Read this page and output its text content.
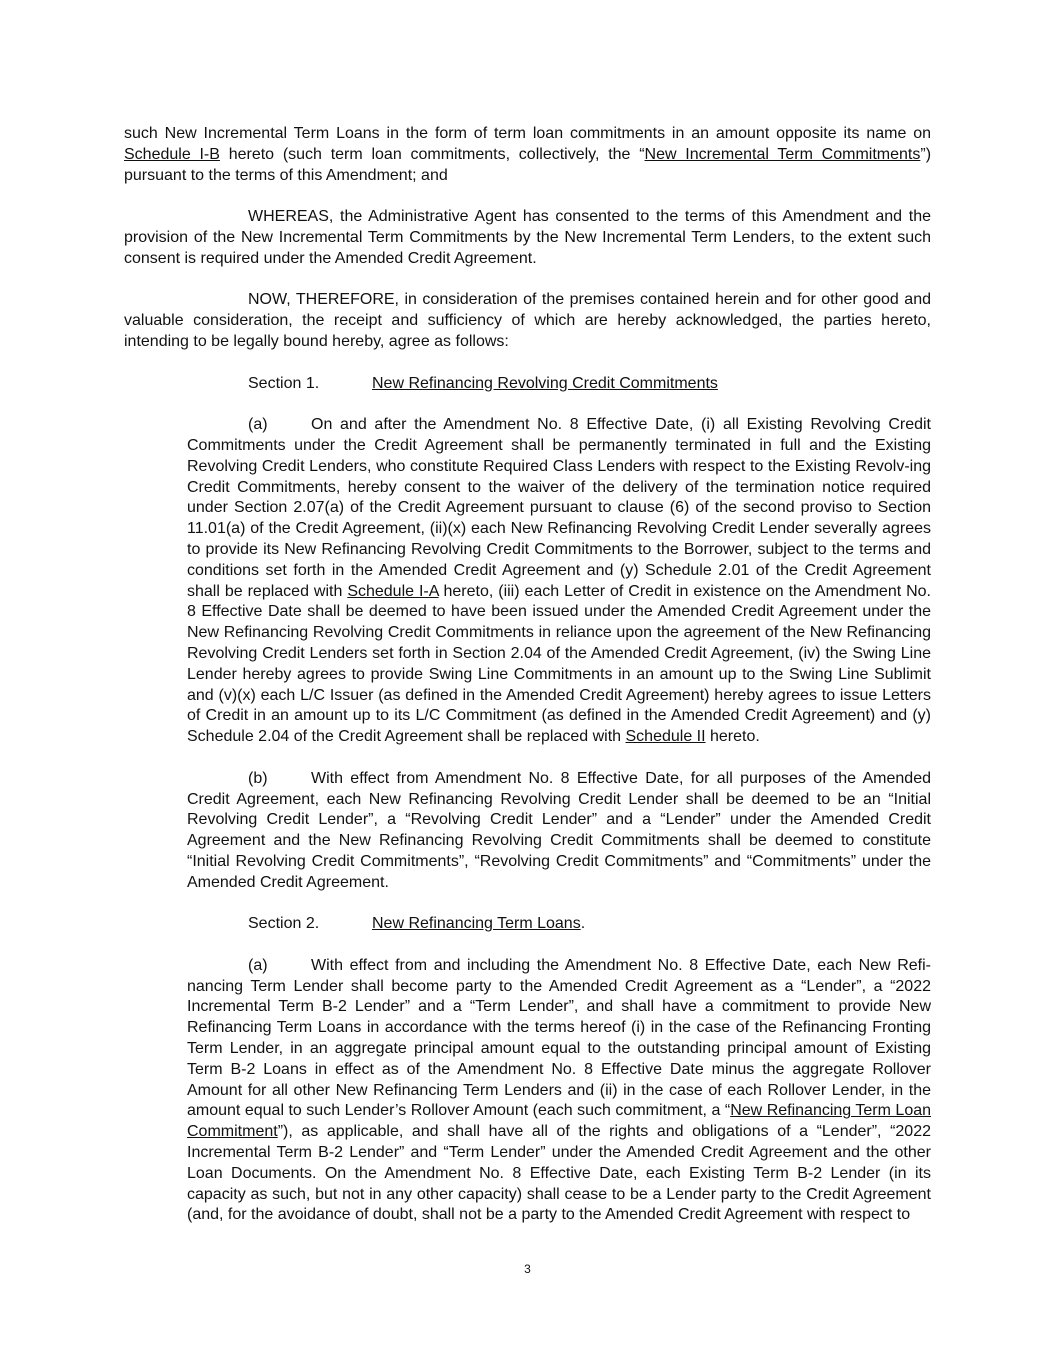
such New Incremental Term Loans in the form of term loan commitments in an amount opposite its name on Schedule I-B hereto (such term loan commitments, collectively, the “New Incremental Term Commitments”) pursuant to the terms of this Amendment; and

WHEREAS, the Administrative Agent has consented to the terms of this Amendment and the provision of the New Incremental Term Commitments by the New Incremental Term Lenders, to the extent such consent is required under the Amended Credit Agreement.

NOW, THEREFORE, in consideration of the premises contained herein and for other good and valuable consideration, the receipt and sufficiency of which are hereby acknowledged, the parties hereto, intending to be legally bound hereby, agree as follows:

Section 1.	New Refinancing Revolving Credit Commitments

(a)	On and after the Amendment No. 8 Effective Date, (i) all Existing Revolving Credit Commitments under the Credit Agreement shall be permanently terminated in full and the Existing Revolving Credit Lenders, who constitute Required Class Lenders with respect to the Existing Revolv-ing Credit Commitments, hereby consent to the waiver of the delivery of the termination notice required under Section 2.07(a) of the Credit Agreement pursuant to clause (6) of the second proviso to Section 11.01(a) of the Credit Agreement, (ii)(x) each New Refinancing Revolving Credit Lender severally agrees to provide its New Refinancing Revolving Credit Commitments to the Borrower, subject to the terms and conditions set forth in the Amended Credit Agreement and (y) Schedule 2.01 of the Credit Agreement shall be replaced with Schedule I-A hereto, (iii) each Letter of Credit in existence on the Amendment No. 8 Effective Date shall be deemed to have been issued under the Amended Credit Agreement under the New Refinancing Revolving Credit Commitments in reliance upon the agreement of the New Refinancing Revolving Credit Lenders set forth in Section 2.04 of the Amended Credit Agreement, (iv) the Swing Line Lender hereby agrees to provide Swing Line Commitments in an amount up to the Swing Line Sublimit and (v)(x) each L/C Issuer (as defined in the Amended Credit Agreement) hereby agrees to issue Letters of Credit in an amount up to its L/C Commitment (as defined in the Amended Credit Agreement) and (y) Schedule 2.04 of the Credit Agreement shall be replaced with Schedule II hereto.

(b)	With effect from Amendment No. 8 Effective Date, for all purposes of the Amended Credit Agreement, each New Refinancing Revolving Credit Lender shall be deemed to be an “Initial Revolving Credit Lender”, a “Revolving Credit Lender” and a “Lender” under the Amended Credit Agreement and the New Refinancing Revolving Credit Commitments shall be deemed to constitute “Initial Revolving Credit Commitments”, “Revolving Credit Commitments” and “Commitments” under the Amended Credit Agreement.

Section 2.	New Refinancing Term Loans.

(a)	With effect from and including the Amendment No. 8 Effective Date, each New Refi-nancing Term Lender shall become party to the Amended Credit Agreement as a “Lender”, a “2022 Incremental Term B-2 Lender” and a “Term Lender”, and shall have a commitment to provide New Refinancing Term Loans in accordance with the terms hereof (i) in the case of the Refinancing Fronting Term Lender, in an aggregate principal amount equal to the outstanding principal amount of Existing Term B-2 Loans in effect as of the Amendment No. 8 Effective Date minus the aggregate Rollover Amount for all other New Refinancing Term Lenders and (ii) in the case of each Rollover Lender, in the amount equal to such Lender’s Rollover Amount (each such commitment, a “New Refinancing Term Loan Commitment”), as applicable, and shall have all of the rights and obligations of a “Lender”, “2022 Incremental Term B-2 Lender” and “Term Lender” under the Amended Credit Agreement and the other Loan Documents. On the Amendment No. 8 Effective Date, each Existing Term B-2 Lender (in its capacity as such, but not in any other capacity) shall cease to be a Lender party to the Credit Agreement (and, for the avoidance of doubt, shall not be a party to the Amended Credit Agreement with respect to

3
